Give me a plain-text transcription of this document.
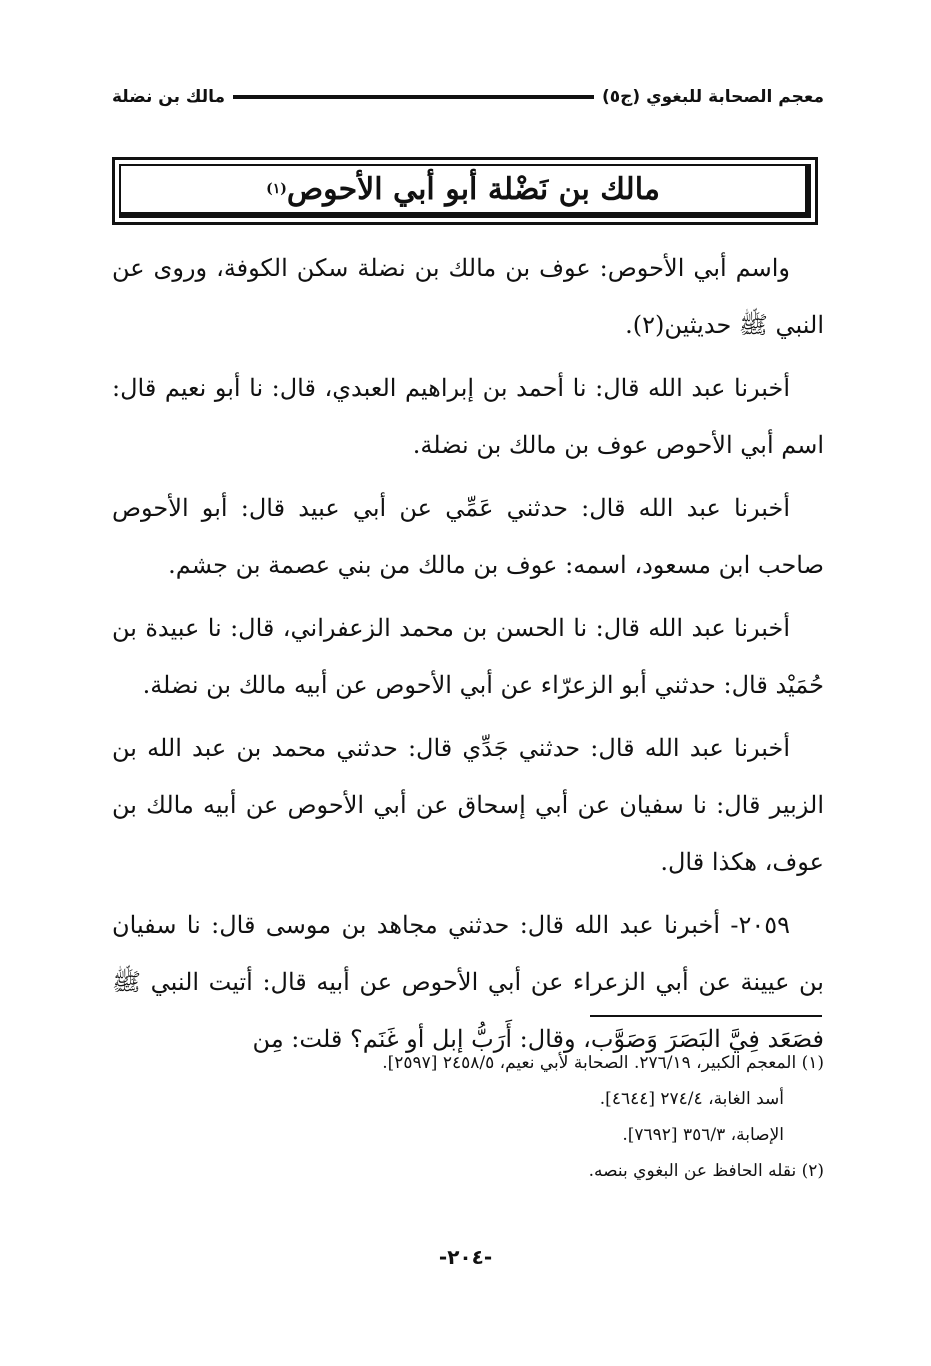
معجم الصحابة للبغوي (ج٥)
مالك بن نضلة
مالك بن نَضْلة أبو أبي الأحوص
(١)

واسم أبي الأحوص: عوف بن مالك بن نضلة سكن الكوفة، وروى عن النبي ﷺ حديثين(٢).

أخبرنا عبد الله قال: نا أحمد بن إبراهيم العبدي، قال: نا أبو نعيم قال: اسم أبي الأحوص عوف بن مالك بن نضلة.

أخبرنا عبد الله قال: حدثني عَمِّي عن أبي عبيد قال: أبو الأحوص صاحب ابن مسعود، اسمه: عوف بن مالك من بني عصمة بن جشم.

أخبرنا عبد الله قال: نا الحسن بن محمد الزعفراني، قال: نا عبيدة بن حُمَيْد قال: حدثني أبو الزعرّاء عن أبي الأحوص عن أبيه مالك بن نضلة.

أخبرنا عبد الله قال: حدثني جَدِّي قال: حدثني محمد بن عبد الله بن الزبير قال: نا سفيان عن أبي إسحاق عن أبي الأحوص عن أبيه مالك بن عوف، هكذا قال.

٢٠٥٩- أخبرنا عبد الله قال: حدثني مجاهد بن موسى قال: نا سفيان بن عيينة عن أبي الزعراء عن أبي الأحوص عن أبيه قال: أتيت النبي ﷺ فصَعَد فِيَّ البَصَرَ وَصَوَّب، وقال: أَرَبُّ إبل أو غَنَم؟ قلت: مِن

(١) المعجم الكبير، ٢٧٦/١٩. الصحابة لأبي نعيم، ٢٤٥٨/٥ [٢٥٩٧].

أسد الغابة، ٢٧٤/٤ [٤٦٤٤].

الإصابة، ٣٥٦/٣ [٧٦٩٢].

(٢) نقله الحافظ عن البغوي بنصه.

-٢٠٤-
